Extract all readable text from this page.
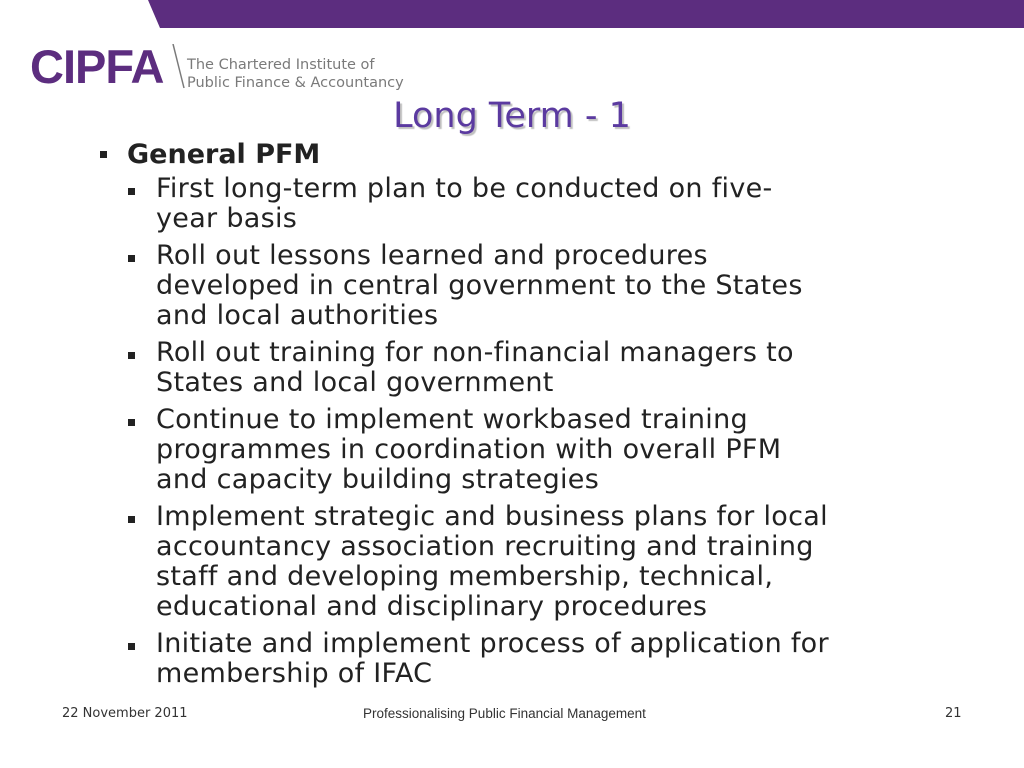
CIPFA The Chartered Institute of
Public Finance & Accountancy
Long Term - 1
General PFM
First long-term plan to be conducted on five-
year basis
Roll out lessons learned and procedures
developed in central government to the States
and local authorities
Roll out training for non-financial managers to
States and local government
Continue to implement workbased training
programmes in coordination with overall PFM
and capacity building strategies
Implement strategic and business plans for local
accountancy association recruiting and training
staff and developing membership, technical,
educational and disciplinary procedures
Initiate and implement process of application for
membership of IFAC
22 November 2011	Professionalising Public Financial Management	21
